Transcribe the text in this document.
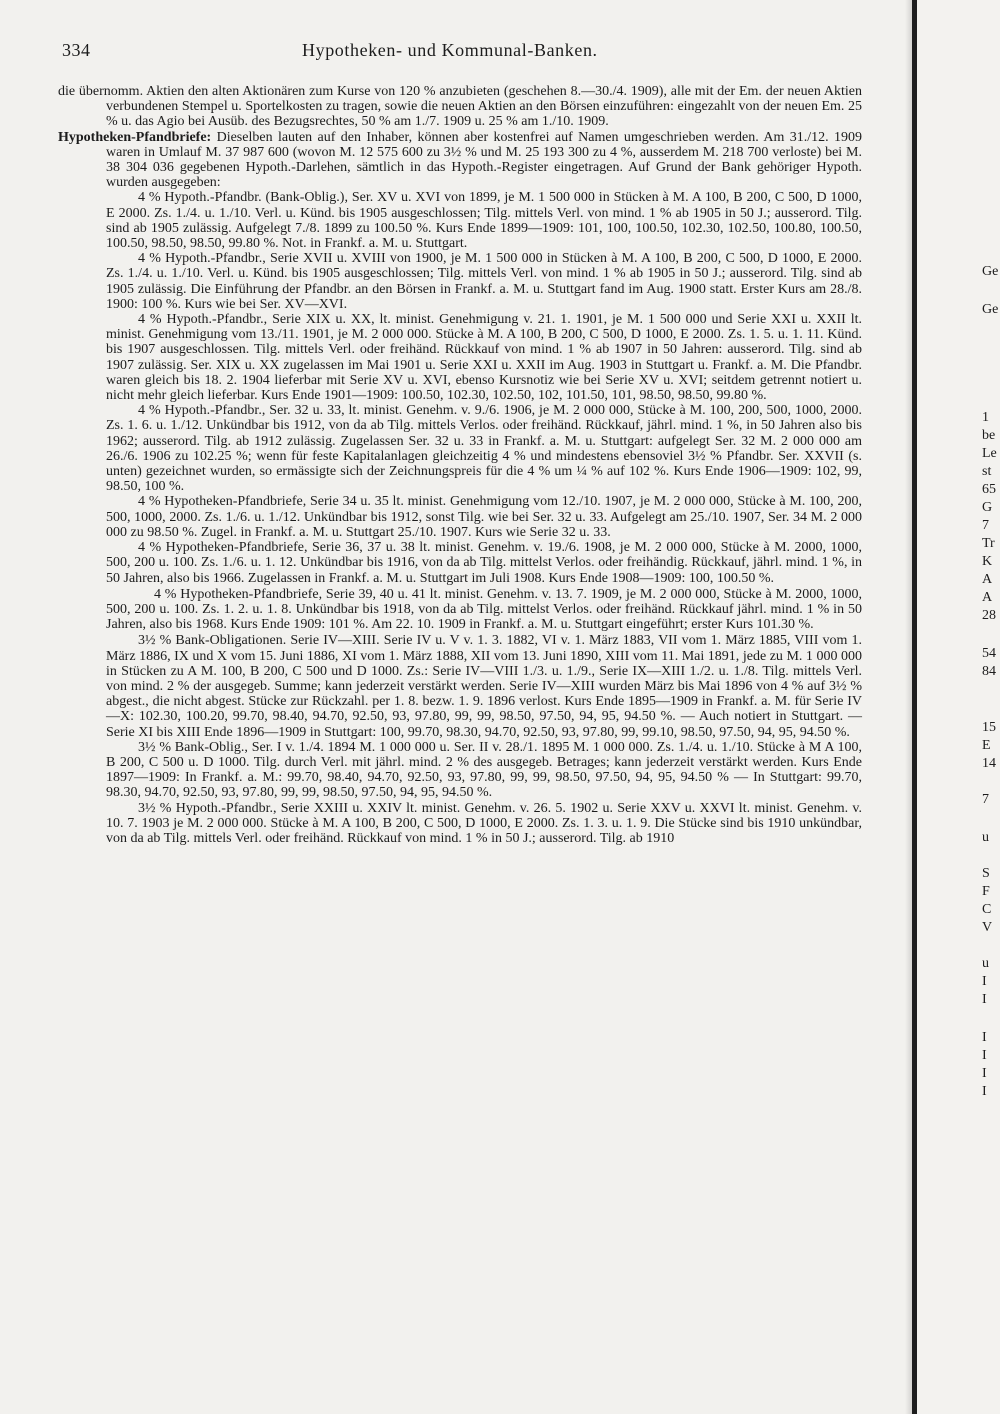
334	Hypotheken- und Kommunal-Banken.

die übernomm. Aktien den alten Aktionären zum Kurse von 120 % anzubieten (geschehen 8.—30./4. 1909), alle mit der Em. der neuen Aktien verbundenen Stempel u. Sportelkosten zu tragen, sowie die neuen Aktien an den Börsen einzuführen: eingezahlt von der neuen Em. 25 % u. das Agio bei Ausüb. des Bezugsrechtes, 50 % am 1./7. 1909 u. 25 % am 1./10. 1909.

Hypotheken-Pfandbriefe: Dieselben lauten auf den Inhaber, können aber kostenfrei auf Namen umgeschrieben werden. Am 31./12. 1909 waren in Umlauf M. 37 987 600 (wovon M. 12 575 600 zu 3½ % und M. 25 193 300 zu 4 %, ausserdem M. 218 700 verloste) bei M. 38 304 036 gegebenen Hypoth.-Darlehen, sämtlich in das Hypoth.-Register eingetragen. Auf Grund der Bank gehöriger Hypoth. wurden ausgegeben:

4 % Hypoth.-Pfandbr. (Bank-Oblig.), Ser. XV u. XVI von 1899, je M. 1 500 000 in Stücken à M. A 100, B 200, C 500, D 1000, E 2000. Zs. 1./4. u. 1./10. Verl. u. Künd. bis 1905 ausgeschlossen; Tilg. mittels Verl. von mind. 1 % ab 1905 in 50 J.; ausserord. Tilg. sind ab 1905 zulässig. Aufgelegt 7./8. 1899 zu 100.50 %. Kurs Ende 1899—1909: 101, 100, 100.50, 102.30, 102.50, 100.80, 100.50, 100.50, 98.50, 98.50, 99.80 %. Not. in Frankf. a. M. u. Stuttgart.

4 % Hypoth.-Pfandbr., Serie XVII u. XVIII von 1900, je M. 1 500 000 in Stücken à M. A 100, B 200, C 500, D 1000, E 2000. Zs. 1./4. u. 1./10. Verl. u. Künd. bis 1905 ausgeschlossen; Tilg. mittels Verl. von mind. 1 % ab 1905 in 50 J.; ausserord. Tilg. sind ab 1905 zulässig. Die Einführung der Pfandbr. an den Börsen in Frankf. a. M. u. Stuttgart fand im Aug. 1900 statt. Erster Kurs am 28./8. 1900: 100 %. Kurs wie bei Ser. XV—XVI.

4 % Hypoth.-Pfandbr., Serie XIX u. XX, lt. minist. Genehmigung v. 21. 1. 1901, je M. 1 500 000 und Serie XXI u. XXII lt. minist. Genehmigung vom 13./11. 1901, je M. 2 000 000. Stücke à M. A 100, B 200, C 500, D 1000, E 2000. Zs. 1. 5. u. 1. 11. Künd. bis 1907 ausgeschlossen. Tilg. mittels Verl. oder freihänd. Rückkauf von mind. 1 % ab 1907 in 50 Jahren: ausserord. Tilg. sind ab 1907 zulässig. Ser. XIX u. XX zugelassen im Mai 1901 u. Serie XXI u. XXII im Aug. 1903 in Stuttgart u. Frankf. a. M. Die Pfandbr. waren gleich bis 18. 2. 1904 lieferbar mit Serie XV u. XVI, ebenso Kursnotiz wie bei Serie XV u. XVI; seitdem getrennt notiert u. nicht mehr gleich lieferbar. Kurs Ende 1901—1909: 100.50, 102.30, 102.50, 102, 101.50, 101, 98.50, 98.50, 99.80 %.

4 % Hypoth.-Pfandbr., Ser. 32 u. 33, lt. minist. Genehm. v. 9./6. 1906, je M. 2 000 000, Stücke à M. 100, 200, 500, 1000, 2000. Zs. 1. 6. u. 1./12. Unkündbar bis 1912, von da ab Tilg. mittels Verlos. oder freihänd. Rückkauf, jährl. mind. 1 %, in 50 Jahren also bis 1962; ausserord. Tilg. ab 1912 zulässig. Zugelassen Ser. 32 u. 33 in Frankf. a. M. u. Stuttgart: aufgelegt Ser. 32 M. 2 000 000 am 26./6. 1906 zu 102.25 %; wenn für feste Kapitalanlagen gleichzeitig 4 % und mindestens ebensoviel 3½ % Pfandbr. Ser. XXVII (s. unten) gezeichnet wurden, so ermässigte sich der Zeichnungspreis für die 4 % um ¼ % auf 102 %. Kurs Ende 1906—1909: 102, 99, 98.50, 100 %.

4 % Hypotheken-Pfandbriefe, Serie 34 u. 35 lt. minist. Genehmigung vom 12./10. 1907, je M. 2 000 000, Stücke à M. 100, 200, 500, 1000, 2000. Zs. 1./6. u. 1./12. Unkündbar bis 1912, sonst Tilg. wie bei Ser. 32 u. 33. Aufgelegt am 25./10. 1907, Ser. 34 M. 2 000 000 zu 98.50 %. Zugel. in Frankf. a. M. u. Stuttgart 25./10. 1907. Kurs wie Serie 32 u. 33.

4 % Hypotheken-Pfandbriefe, Serie 36, 37 u. 38 lt. minist. Genehm. v. 19./6. 1908, je M. 2 000 000, Stücke à M. 2000, 1000, 500, 200 u. 100. Zs. 1./6. u. 1. 12. Unkündbar bis 1916, von da ab Tilg. mittelst Verlos. oder freihändig. Rückkauf, jährl. mind. 1 %, in 50 Jahren, also bis 1966. Zugelassen in Frankf. a. M. u. Stuttgart im Juli 1908. Kurs Ende 1908—1909: 100, 100.50 %.

4 % Hypotheken-Pfandbriefe, Serie 39, 40 u. 41 lt. minist. Genehm. v. 13. 7. 1909, je M. 2 000 000, Stücke à M. 2000, 1000, 500, 200 u. 100. Zs. 1. 2. u. 1. 8. Unkündbar bis 1918, von da ab Tilg. mittelst Verlos. oder freihänd. Rückkauf jährl. mind. 1 % in 50 Jahren, also bis 1968. Kurs Ende 1909: 101 %. Am 22. 10. 1909 in Frankf. a. M. u. Stuttgart eingeführt; erster Kurs 101.30 %.

3½ % Bank-Obligationen. Serie IV—XIII. Serie IV u. V v. 1. 3. 1882, VI v. 1. März 1883, VII vom 1. März 1885, VIII vom 1. März 1886, IX und X vom 15. Juni 1886, XI vom 1. März 1888, XII vom 13. Juni 1890, XIII vom 11. Mai 1891, jede zu M. 1 000 000 in Stücken zu A M. 100, B 200, C 500 und D 1000. Zs.: Serie IV—VIII 1./3. u. 1./9., Serie IX—XIII 1./2. u. 1./8. Tilg. mittels Verl. von mind. 2 % der ausgegeb. Summe; kann jederzeit verstärkt werden. Serie IV—XIII wurden März bis Mai 1896 von 4 % auf 3½ % abgest., die nicht abgest. Stücke zur Rückzahl. per 1. 8. bezw. 1. 9. 1896 verlost. Kurs Ende 1895—1909 in Frankf. a. M. für Serie IV—X: 102.30, 100.20, 99.70, 98.40, 94.70, 92.50, 93, 97.80, 99, 99, 98.50, 97.50, 94, 95, 94.50 %. — Auch notiert in Stuttgart. — Serie XI bis XIII Ende 1896—1909 in Stuttgart: 100, 99.70, 98.30, 94.70, 92.50, 93, 97.80, 99, 99.10, 98.50, 97.50, 94, 95, 94.50 %.

3½ % Bank-Oblig., Ser. I v. 1./4. 1894 M. 1 000 000 u. Ser. II v. 28./1. 1895 M. 1 000 000. Zs. 1./4. u. 1./10. Stücke à M A 100, B 200, C 500 u. D 1000. Tilg. durch Verl. mit jährl. mind. 2 % des ausgegeb. Betrages; kann jederzeit verstärkt werden. Kurs Ende 1897—1909: In Frankf. a. M.: 99.70, 98.40, 94.70, 92.50, 93, 97.80, 99, 99, 98.50, 97.50, 94, 95, 94.50 % — In Stuttgart: 99.70, 98.30, 94.70, 92.50, 93, 97.80, 99, 99, 98.50, 97.50, 94, 95, 94.50 %.

3½ % Hypoth.-Pfandbr., Serie XXIII u. XXIV lt. minist. Genehm. v. 26. 5. 1902 u. Serie XXV u. XXVI lt. minist. Genehm. v. 10. 7. 1903 je M. 2 000 000. Stücke à M. A 100, B 200, C 500, D 1000, E 2000. Zs. 1. 3. u. 1. 9. Die Stücke sind bis 1910 unkündbar, von da ab Tilg. mittels Verl. oder freihänd. Rückkauf von mind. 1 % in 50 J.; ausserord. Tilg. ab 1910

Ge
Ge
1
be
Le
st
65
G
7
Tr
K
A
A
28
54
84
15
E
14
7
u
S
F
C
V
u
I
I
I
I
I
I
